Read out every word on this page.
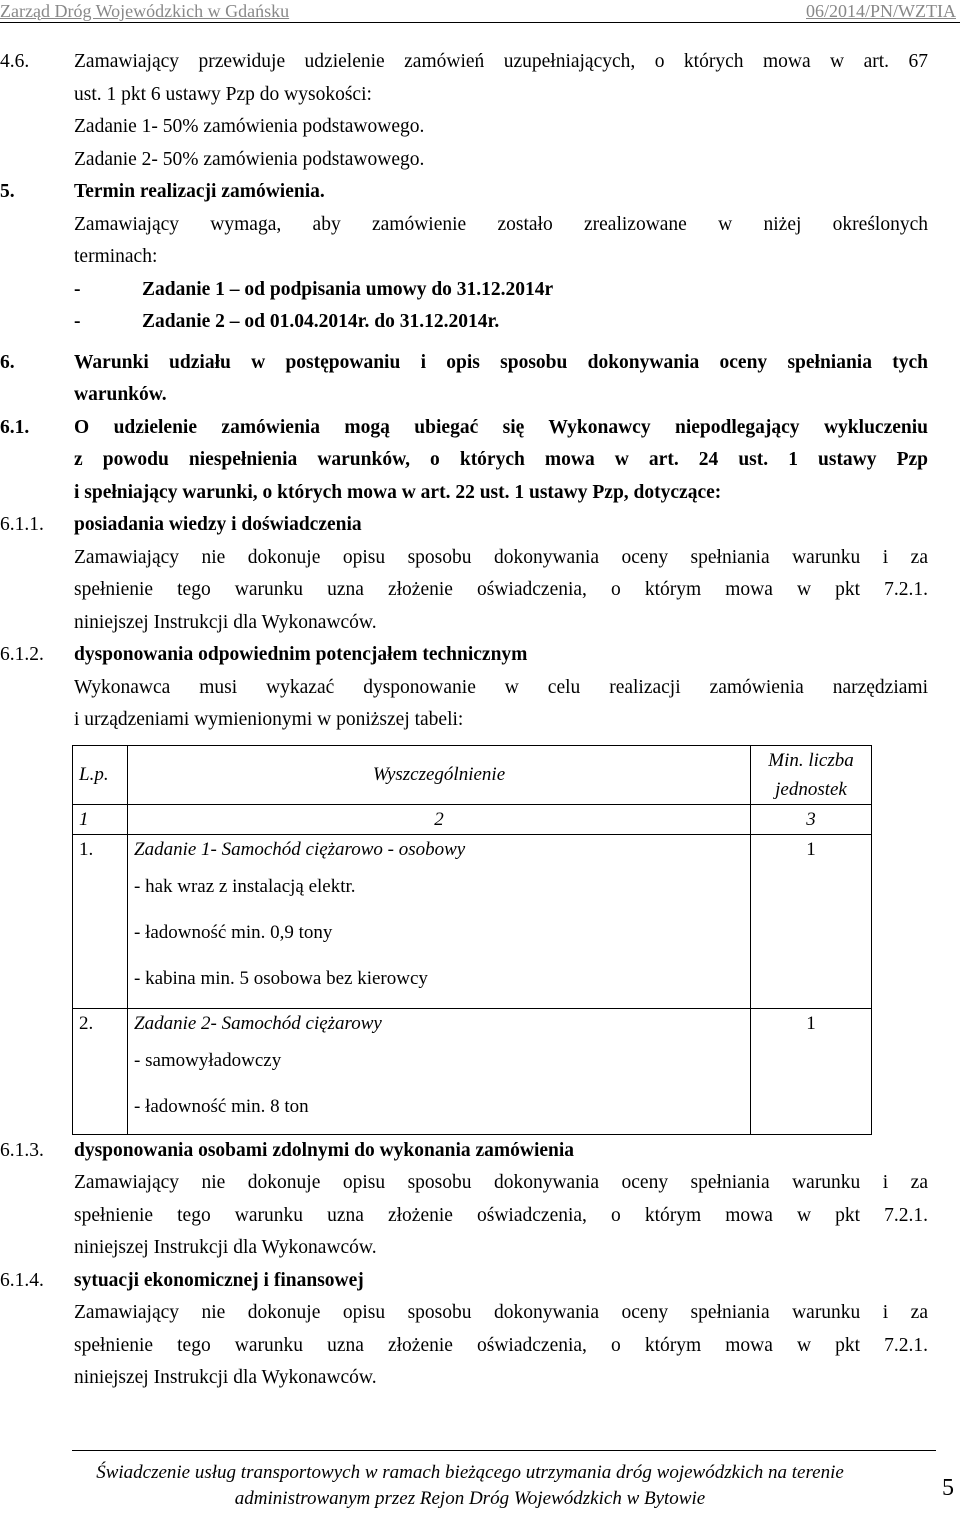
Zarząd Dróg Wojewódzkich w Gdańsku	06/2014/PN/WZTIA
4.6. Zamawiający przewiduje udzielenie zamówień uzupełniających, o których mowa w art. 67
ust. 1 pkt 6 ustawy Pzp do wysokości:
Zadanie 1- 50% zamówienia podstawowego.
Zadanie 2- 50% zamówienia podstawowego.
5.	Termin realizacji zamówienia.
Zamawiający wymaga, aby zamówienie zostało zrealizowane w niżej określonych
terminach:
-	Zadanie 1 – od podpisania umowy do 31.12.2014r
-	Zadanie 2 – od 01.04.2014r. do 31.12.2014r.
6.	Warunki udziału w postępowaniu i opis sposobu dokonywania oceny spełniania tych
warunków.
6.1. O udzielenie zamówienia mogą ubiegać się Wykonawcy niepodlegający wykluczeniu
z powodu niespełnienia warunków, o których mowa w art. 24 ust. 1 ustawy Pzp
i spełniający warunki, o których mowa w art. 22 ust. 1 ustawy Pzp, dotyczące:
6.1.1. posiadania wiedzy i doświadczenia
Zamawiający nie dokonuje opisu sposobu dokonywania oceny spełniania warunku i za
spełnienie tego warunku uzna złożenie oświadczenia, o którym mowa w pkt 7.2.1.
niniejszej Instrukcji dla Wykonawców.
6.1.2. dysponowania odpowiednim potencjałem technicznym
Wykonawca musi wykazać dysponowanie w celu realizacji zamówienia narzędziami
i urządzeniami wymienionymi w poniższej tabeli:
L.p.	Wyszczególnienie	Min. liczba
jednostek

1	2	3
1.	Zadanie 1- Samochód ciężarowo - osobowy
- hak wraz z instalacją elektr.
- ładowność min. 0,9 tony
- kabina min. 5 osobowa bez kierowcy	1
2.	Zadanie 2- Samochód ciężarowy
- samowyładowczy
- ładowność min. 8 ton	1
6.1.3. dysponowania osobami zdolnymi do wykonania zamówienia
Zamawiający nie dokonuje opisu sposobu dokonywania oceny spełniania warunku i za
spełnienie tego warunku uzna złożenie oświadczenia, o którym mowa w pkt 7.2.1.
niniejszej Instrukcji dla Wykonawców.
6.1.4. sytuacji ekonomicznej i finansowej
Zamawiający nie dokonuje opisu sposobu dokonywania oceny spełniania warunku i za
spełnienie tego warunku uzna złożenie oświadczenia, o którym mowa w pkt 7.2.1.
niniejszej Instrukcji dla Wykonawców.
Świadczenie usług transportowych w ramach bieżącego utrzymania dróg wojewódzkich na terenie
administrowanym przez Rejon Dróg Wojewódzkich w Bytowie	5
